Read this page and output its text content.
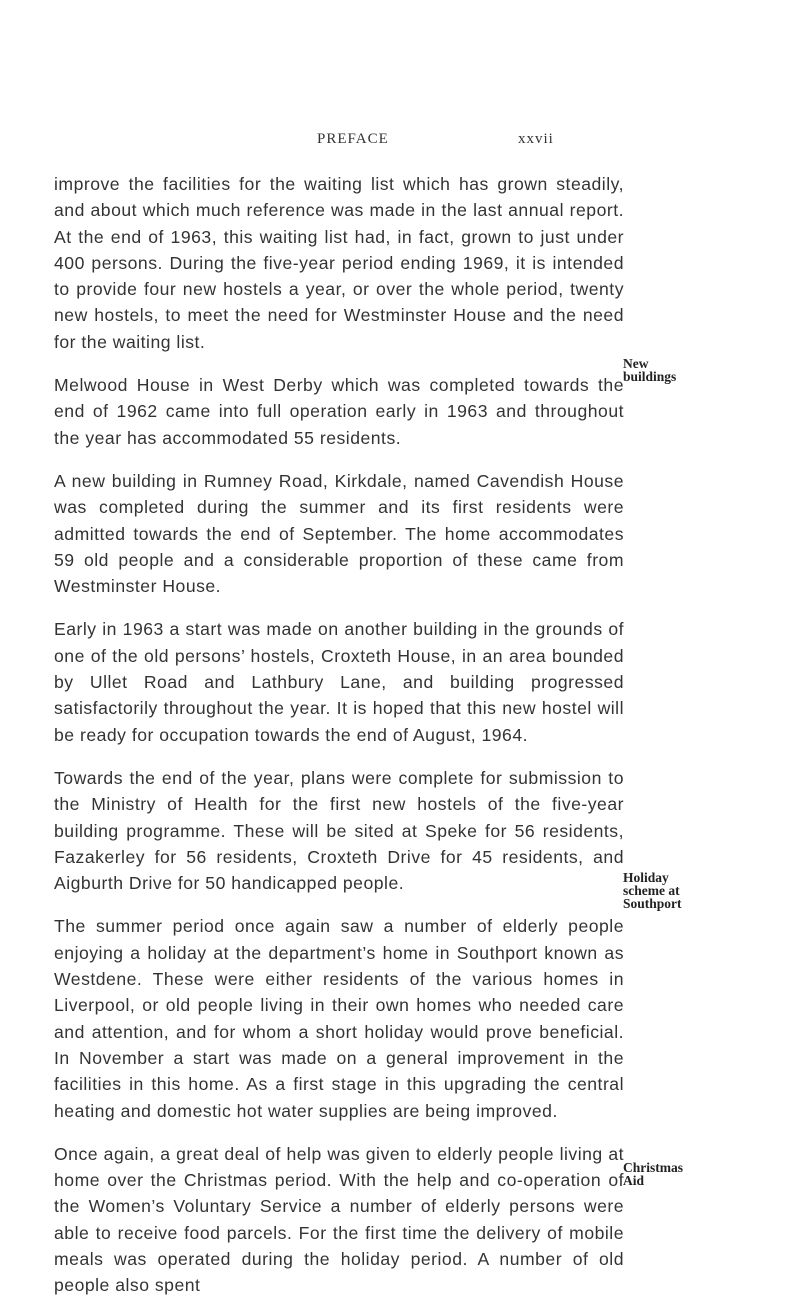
PREFACE	xxvii

improve the facilities for the waiting list which has grown steadily, and about which much reference was made in the last annual report. At the end of 1963, this waiting list had, in fact, grown to just under 400 persons. During the five-year period ending 1969, it is intended to provide four new hostels a year, or over the whole period, twenty new hostels, to meet the need for Westminster House and the need for the waiting list.

Melwood House in West Derby which was completed towards the end of 1962 came into full operation early in 1963 and throughout the year has accommodated 55 residents.

A new building in Rumney Road, Kirkdale, named Cavendish House was completed during the summer and its first residents were admitted towards the end of September. The home accommodates 59 old people and a considerable proportion of these came from Westminster House.

Early in 1963 a start was made on another building in the grounds of one of the old persons’ hostels, Croxteth House, in an area bounded by Ullet Road and Lathbury Lane, and building progressed satisfactorily throughout the year. It is hoped that this new hostel will be ready for occupation towards the end of August, 1964.

Towards the end of the year, plans were complete for submission to the Ministry of Health for the first new hostels of the five-year building programme. These will be sited at Speke for 56 residents, Fazakerley for 56 residents, Croxteth Drive for 45 residents, and Aigburth Drive for 50 handicapped people.

The summer period once again saw a number of elderly people enjoying a holiday at the department’s home in Southport known as Westdene. These were either residents of the various homes in Liverpool, or old people living in their own homes who needed care and attention, and for whom a short holiday would prove beneficial. In November a start was made on a general improvement in the facilities in this home. As a first stage in this upgrading the central heating and domestic hot water supplies are being improved.

Once again, a great deal of help was given to elderly people living at home over the Christmas period. With the help and co-operation of the Women’s Voluntary Service a number of elderly persons were able to receive food parcels. For the first time the delivery of mobile meals was operated during the holiday period. A number of old people also spent

New
buildings
Holiday
scheme at
Southport
Christmas
Aid
